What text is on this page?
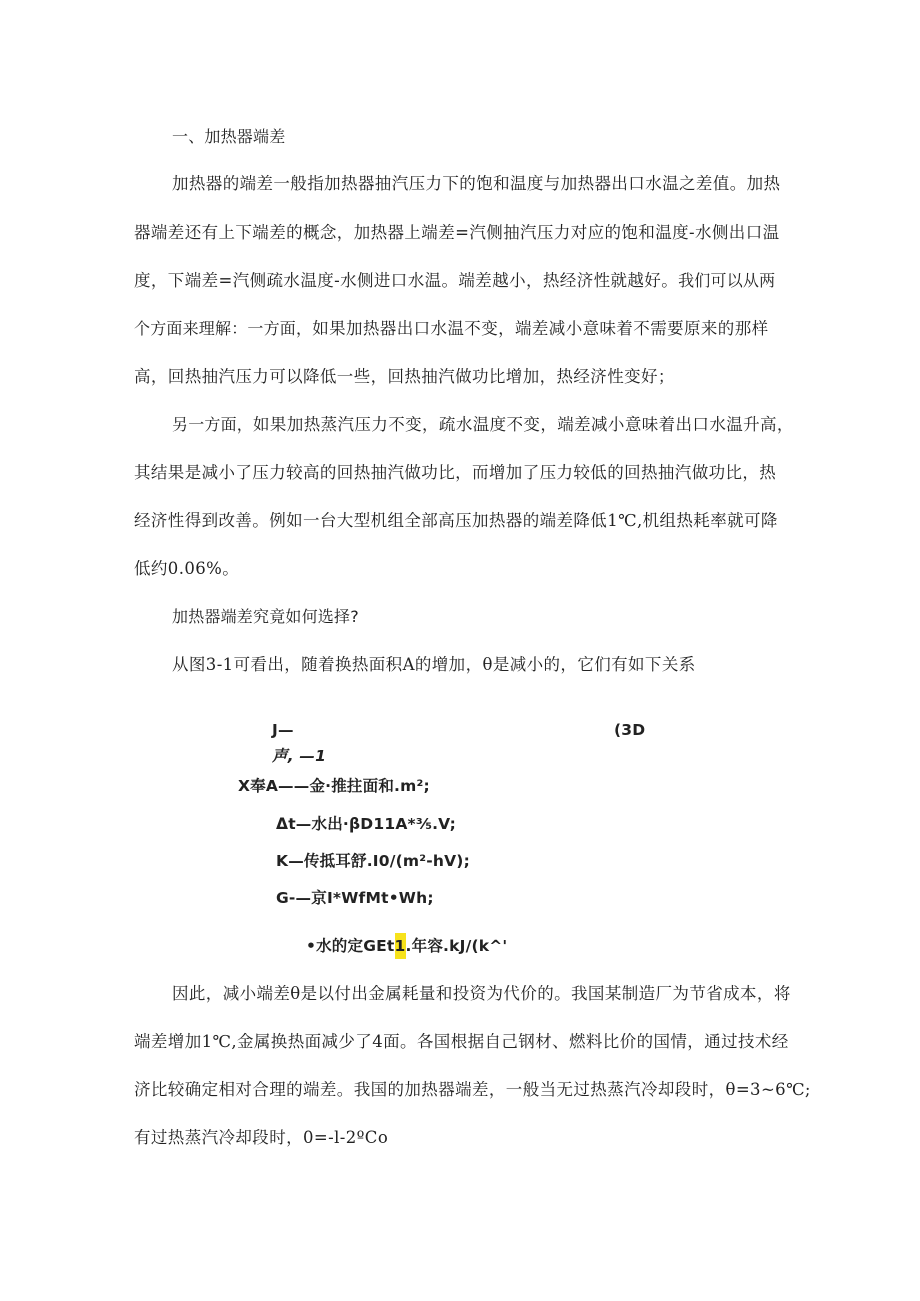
一、加热器端差
加热器的端差一般指加热器抽汽压力下的饱和温度与加热器出口水温之差值。加热
器端差还有上下端差的概念，加热器上端差=汽侧抽汽压力对应的饱和温度-水侧出口温
度，下端差=汽侧疏水温度-水侧进口水温。端差越小，热经济性就越好。我们可以从两
个方面来理解：一方面，如果加热器出口水温不变，端差减小意味着不需要原来的那样
高，回热抽汽压力可以降低一些，回热抽汽做功比增加，热经济性变好；
另一方面，如果加热蒸汽压力不变，疏水温度不变，端差减小意味着出口水温升高，
其结果是减小了压力较高的回热抽汽做功比，而增加了压力较低的回热抽汽做功比，热
经济性得到改善。例如一台大型机组全部高压加热器的端差降低1℃,机组热耗率就可降
低约0.06%。
加热器端差究竟如何选择?
从图3-1可看出，随着换热面积A的增加，θ是减小的，它们有如下关系
J—	(3D
声, —1
X奉A——金·推拄面和.m²;
Δt—水出·βD11A*⅗.V;
K—传抵耳舒.I0/(m²-hV);
G-—京I*WfMt•Wh;
•水的定GEt1.年容.kJ/(k^'
因此，减小端差θ是以付出金属耗量和投资为代价的。我国某制造厂为节省成本，将
端差增加1℃,金属换热面减少了4面。各国根据自己钢材、燃料比价的国情，通过技术经
济比较确定相对合理的端差。我国的加热器端差，一般当无过热蒸汽冷却段时，θ=3~6℃;
有过热蒸汽冷却段时，0=-l-2ºCo
